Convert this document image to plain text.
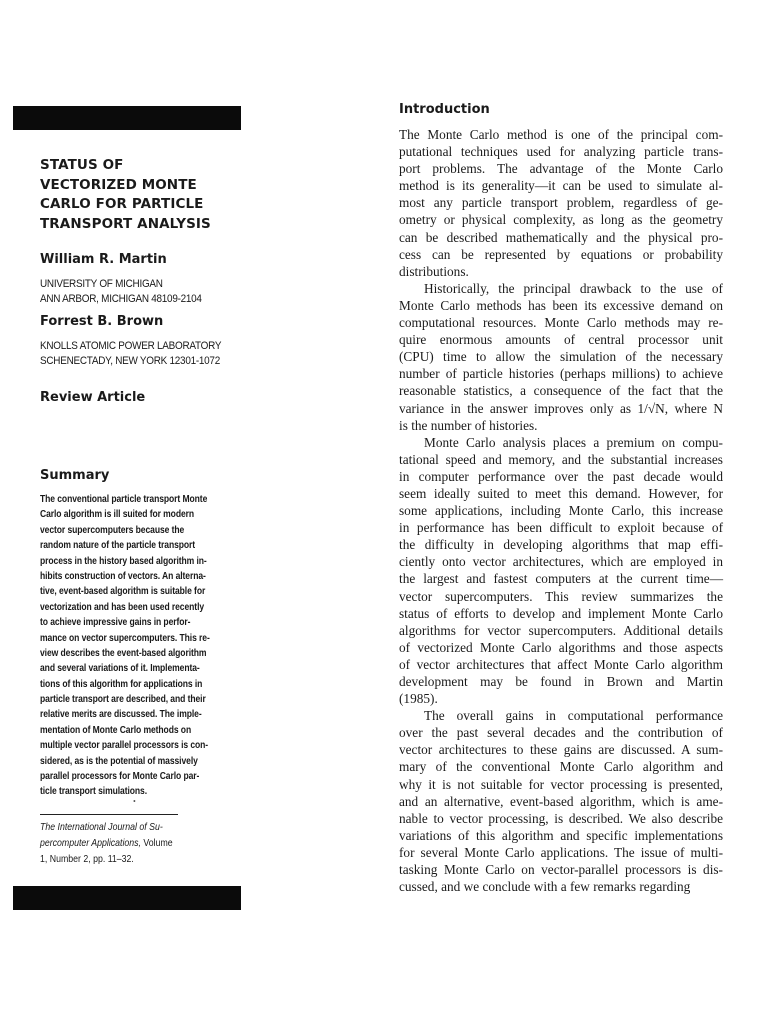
STATUS OF
VECTORIZED MONTE
CARLO FOR PARTICLE
TRANSPORT ANALYSIS
William R. Martin
UNIVERSITY OF MICHIGAN
ANN ARBOR, MICHIGAN 48109-2104
Forrest B. Brown
KNOLLS ATOMIC POWER LABORATORY
SCHENECTADY, NEW YORK 12301-1072
Review Article
Summary
The conventional particle transport Monte
Carlo algorithm is ill suited for modern
vector supercomputers because the
random nature of the particle transport
process in the history based algorithm in-
hibits construction of vectors. An alterna-
tive, event-based algorithm is suitable for
vectorization and has been used recently
to achieve impressive gains in perfor-
mance on vector supercomputers. This re-
view describes the event-based algorithm
and several variations of it. Implementa-
tions of this algorithm for applications in
particle transport are described, and their
relative merits are discussed. The imple-
mentation of Monte Carlo methods on
multiple vector parallel processors is con-
sidered, as is the potential of massively
parallel processors for Monte Carlo par-
ticle transport simulations.
•
The International Journal of Su-
percomputer Applications, Volume
1, Number 2, pp. 11–32.
Introduction
The Monte Carlo method is one of the principal com-
putational techniques used for analyzing particle trans-
port problems. The advantage of the Monte Carlo
method is its generality—it can be used to simulate al-
most any particle transport problem, regardless of ge-
ometry or physical complexity, as long as the geometry
can be described mathematically and the physical pro-
cess can be represented by equations or probability
distributions.
Historically, the principal drawback to the use of
Monte Carlo methods has been its excessive demand on
computational resources. Monte Carlo methods may re-
quire enormous amounts of central processor unit
(CPU) time to allow the simulation of the necessary
number of particle histories (perhaps millions) to achieve
reasonable statistics, a consequence of the fact that the
variance in the answer improves only as 1/√N, where N
is the number of histories.
Monte Carlo analysis places a premium on compu-
tational speed and memory, and the substantial increases
in computer performance over the past decade would
seem ideally suited to meet this demand. However, for
some applications, including Monte Carlo, this increase
in performance has been difficult to exploit because of
the difficulty in developing algorithms that map effi-
ciently onto vector architectures, which are employed in
the largest and fastest computers at the current time—
vector supercomputers. This review summarizes the
status of efforts to develop and implement Monte Carlo
algorithms for vector supercomputers. Additional details
of vectorized Monte Carlo algorithms and those aspects
of vector architectures that affect Monte Carlo algorithm
development may be found in Brown and Martin
(1985).
The overall gains in computational performance
over the past several decades and the contribution of
vector architectures to these gains are discussed. A sum-
mary of the conventional Monte Carlo algorithm and
why it is not suitable for vector processing is presented,
and an alternative, event-based algorithm, which is ame-
nable to vector processing, is described. We also describe
variations of this algorithm and specific implementations
for several Monte Carlo applications. The issue of multi-
tasking Monte Carlo on vector-parallel processors is dis-
cussed, and we conclude with a few remarks regarding
